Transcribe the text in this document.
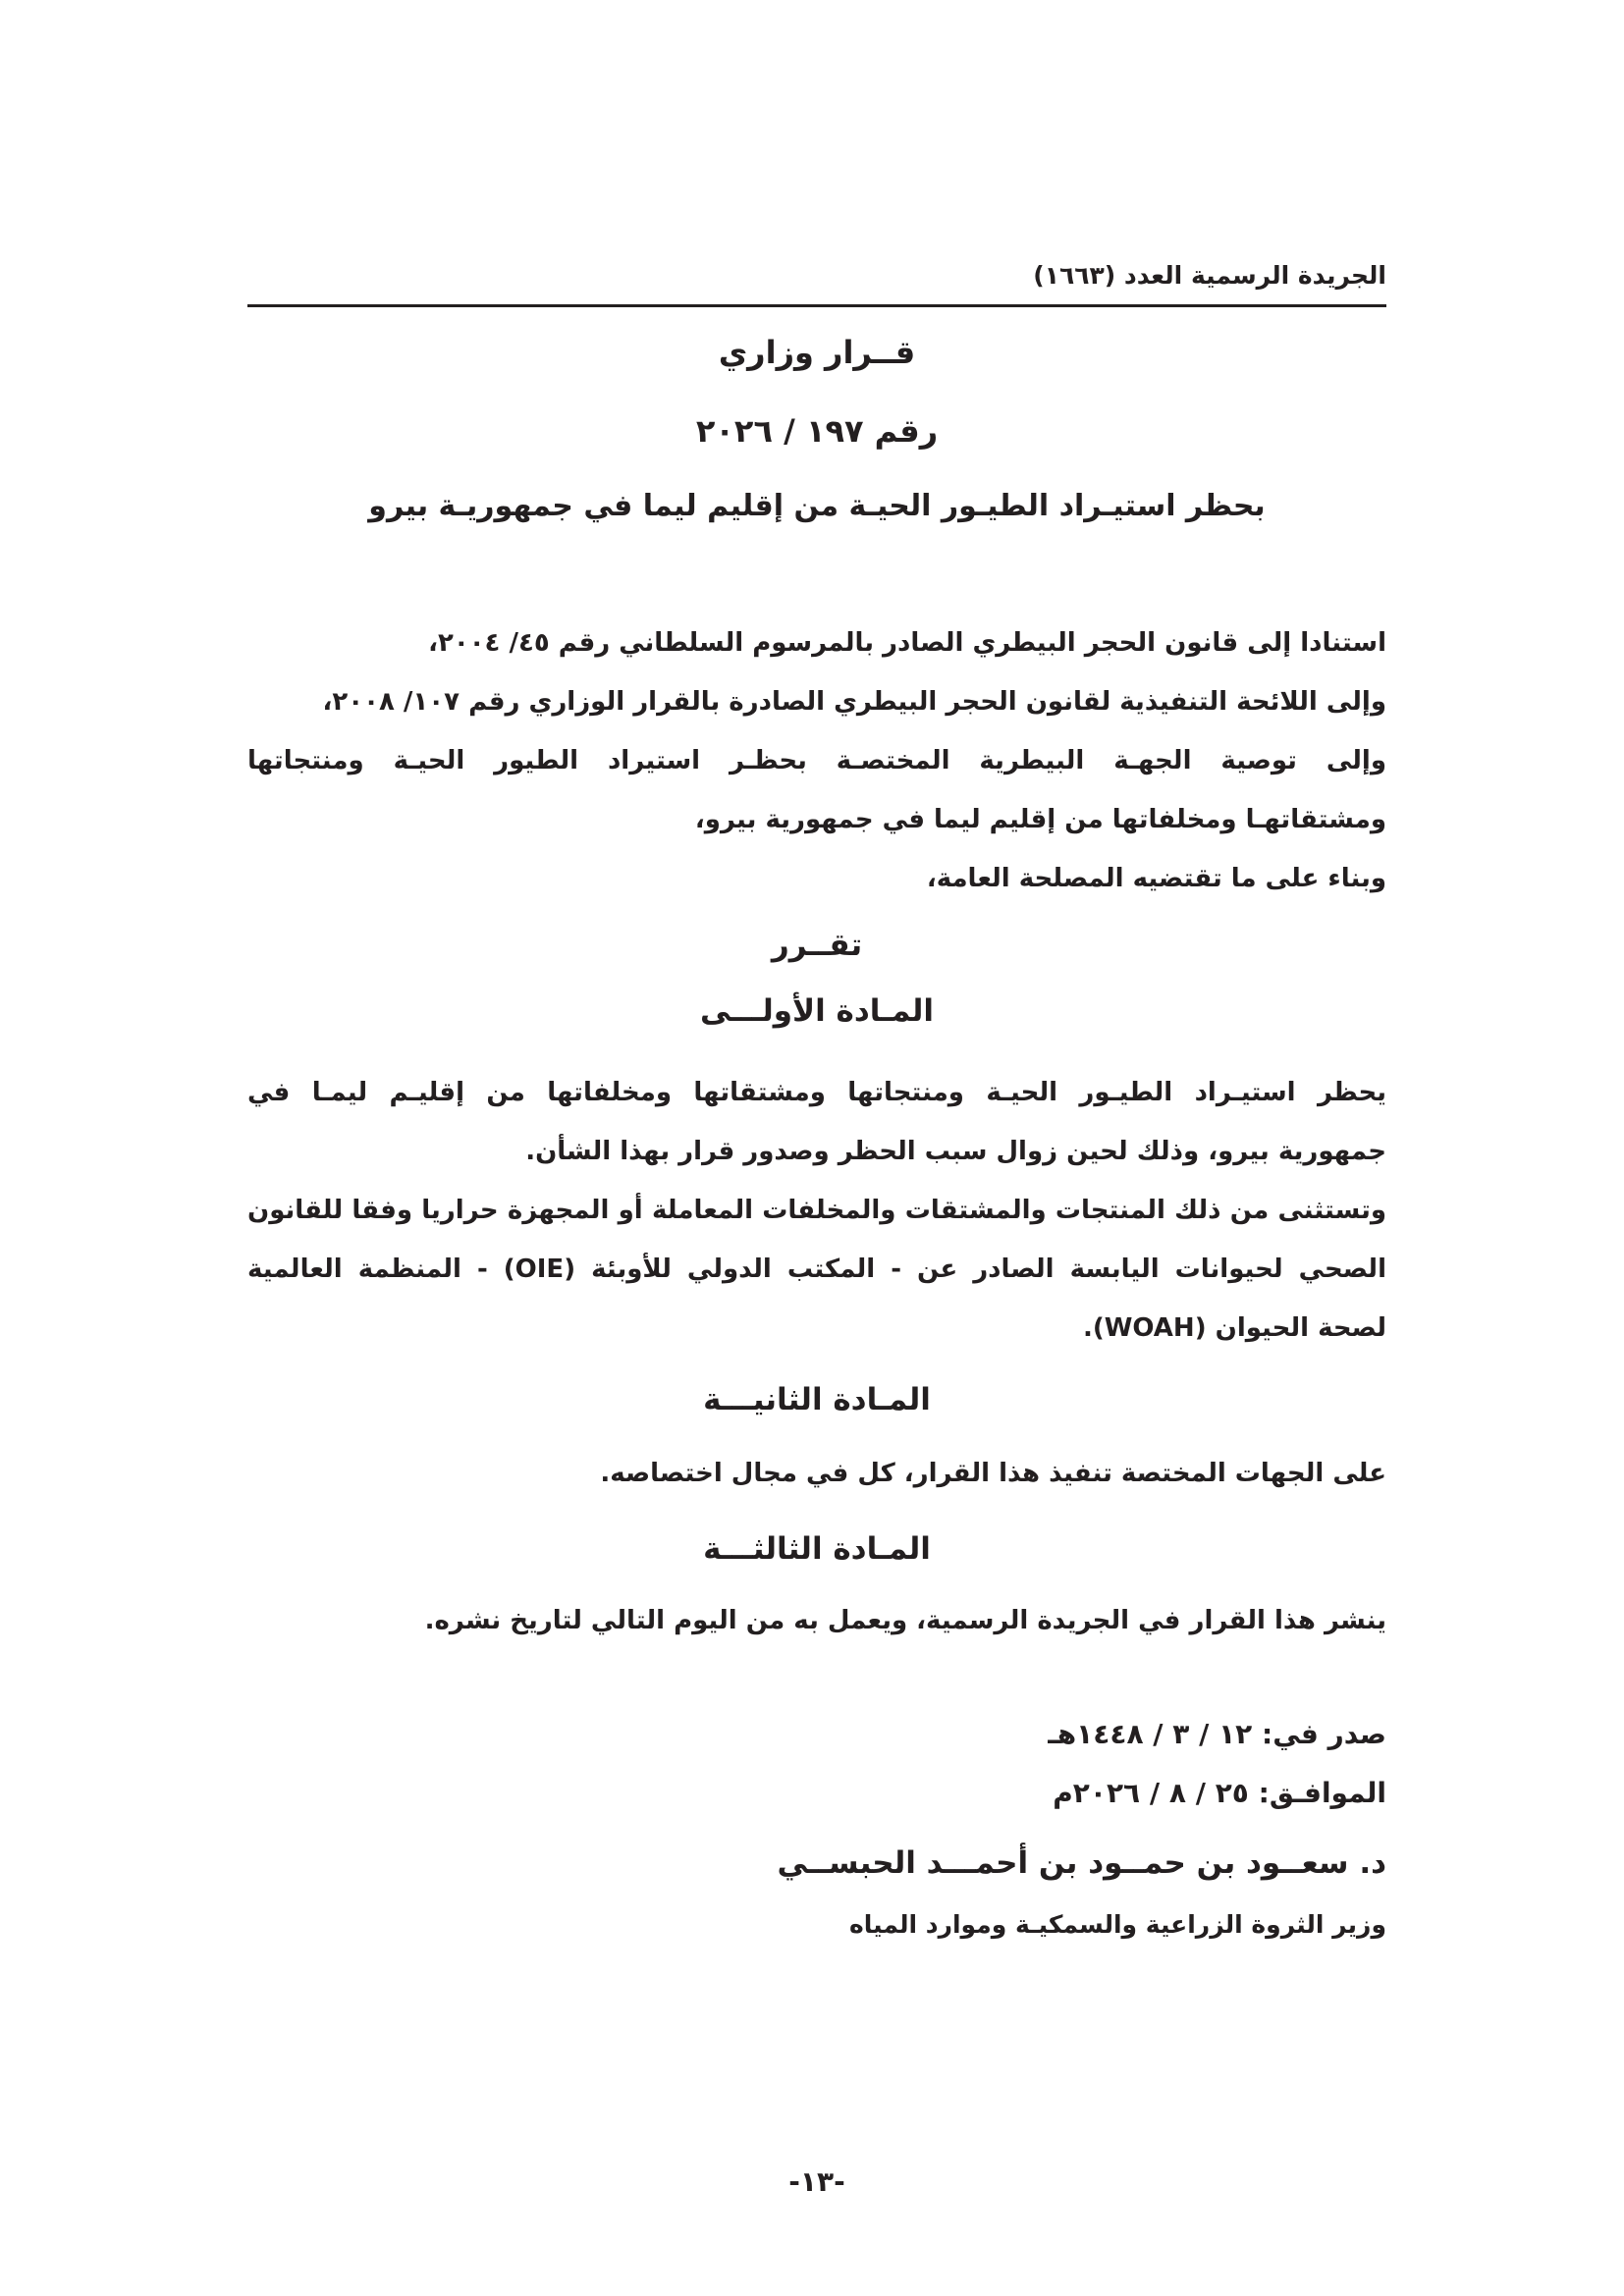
الجريدة الرسمية العدد (١٦٦٣)
قــرار وزاري
رقم ١٩٧ / ٢٠٢٦
بحظر استيـراد الطيـور الحيـة من إقليم ليما في جمهوريـة بيرو
استنادا إلى قانون الحجر البيطري الصادر بالمرسوم السلطاني رقم ٤٥/ ٢٠٠٤،
وإلى اللائحة التنفيذية لقانون الحجر البيطري الصادرة بالقرار الوزاري رقم ١٠٧/ ٢٠٠٨،
وإلى توصية الجهـة البيطرية المختصـة بحظـر استيراد الطيور الحيـة ومنتجاتها
ومشتقاتهـا ومخلفاتها من إقليم ليما في جمهورية بيرو،
وبناء على ما تقتضيه المصلحة العامة،
تقــرر
المـادة الأولـــى
يحظر استيـراد الطيـور الحيـة ومنتجاتها ومشتقاتها ومخلفاتها من إقليـم ليمـا في
جمهورية بيرو، وذلك لحين زوال سبب الحظر وصدور قرار بهذا الشأن.
وتستثنى من ذلك المنتجات والمشتقات والمخلفات المعاملة أو المجهزة حراريا وفقا للقانون
الصحي لحيوانات اليابسة الصادر عن - المكتب الدولي للأوبئة (OIE) - المنظمة العالمية
لصحة الحيوان (WOAH).
المـادة الثانيـــة
على الجهات المختصة تنفيذ هذا القرار، كل في مجال اختصاصه.
المـادة الثالثـــة
ينشر هذا القرار في الجريدة الرسمية، ويعمل به من اليوم التالي لتاريخ نشره.
صدر في: ١٢ / ٣ / ١٤٤٨هـ
الموافـق: ٢٥ / ٨ / ٢٠٢٦م
د. سعــود بن حمــود بن أحمـــد الحبســي
وزير الثروة الزراعية والسمكيـة وموارد المياه
-١٣-
